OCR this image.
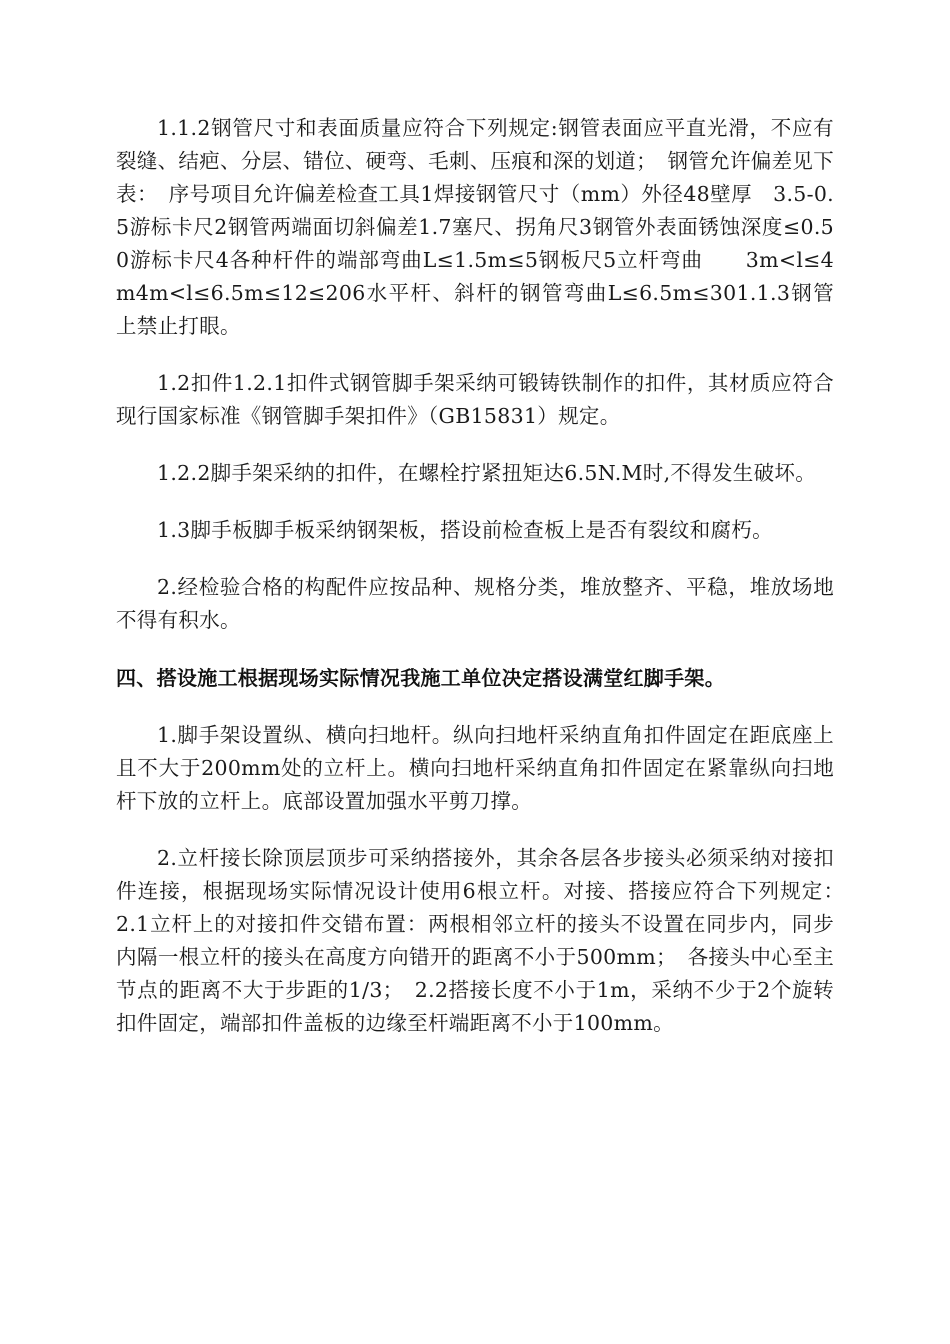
1.1.2钢管尺寸和表面质量应符合下列规定:钢管表面应平直光滑，不应有裂缝、结疤、分层、错位、硬弯、毛刺、压痕和深的划道；　钢管允许偏差见下表：　序号项目允许偏差检查工具1焊接钢管尺寸（mm）外径48壁厚　3.5-0.5游标卡尺2钢管两端面切斜偏差1.7塞尺、拐角尺3钢管外表面锈蚀深度≤0.50游标卡尺4各种杆件的端部弯曲L≤1.5m≤5钢板尺5立杆弯曲　　3m<l≤4m4m<l≤6.5m≤12≤206水平杆、斜杆的钢管弯曲L≤6.5m≤301.1.3钢管上禁止打眼。

1.2扣件1.2.1扣件式钢管脚手架采纳可锻铸铁制作的扣件，其材质应符合现行国家标准《钢管脚手架扣件》（GB15831）规定。

1.2.2脚手架采纳的扣件，在螺栓拧紧扭矩达6.5N.M时,不得发生破坏。

1.3脚手板脚手板采纳钢架板，搭设前检查板上是否有裂纹和腐朽。

2.经检验合格的构配件应按品种、规格分类，堆放整齐、平稳，堆放场地不得有积水。

四、搭设施工根据现场实际情况我施工单位决定搭设满堂红脚手架。

1.脚手架设置纵、横向扫地杆。纵向扫地杆采纳直角扣件固定在距底座上且不大于200mm处的立杆上。横向扫地杆采纳直角扣件固定在紧靠纵向扫地杆下放的立杆上。底部设置加强水平剪刀撑。

2.立杆接长除顶层顶步可采纳搭接外，其余各层各步接头必须采纳对接扣件连接，根据现场实际情况设计使用6根立杆。对接、搭接应符合下列规定：　2.1立杆上的对接扣件交错布置：两根相邻立杆的接头不设置在同步内，同步内隔一根立杆的接头在高度方向错开的距离不小于500mm；　各接头中心至主节点的距离不大于步距的1/3；　2.2搭接长度不小于1m，采纳不少于2个旋转扣件固定，端部扣件盖板的边缘至杆端距离不小于100mm。
